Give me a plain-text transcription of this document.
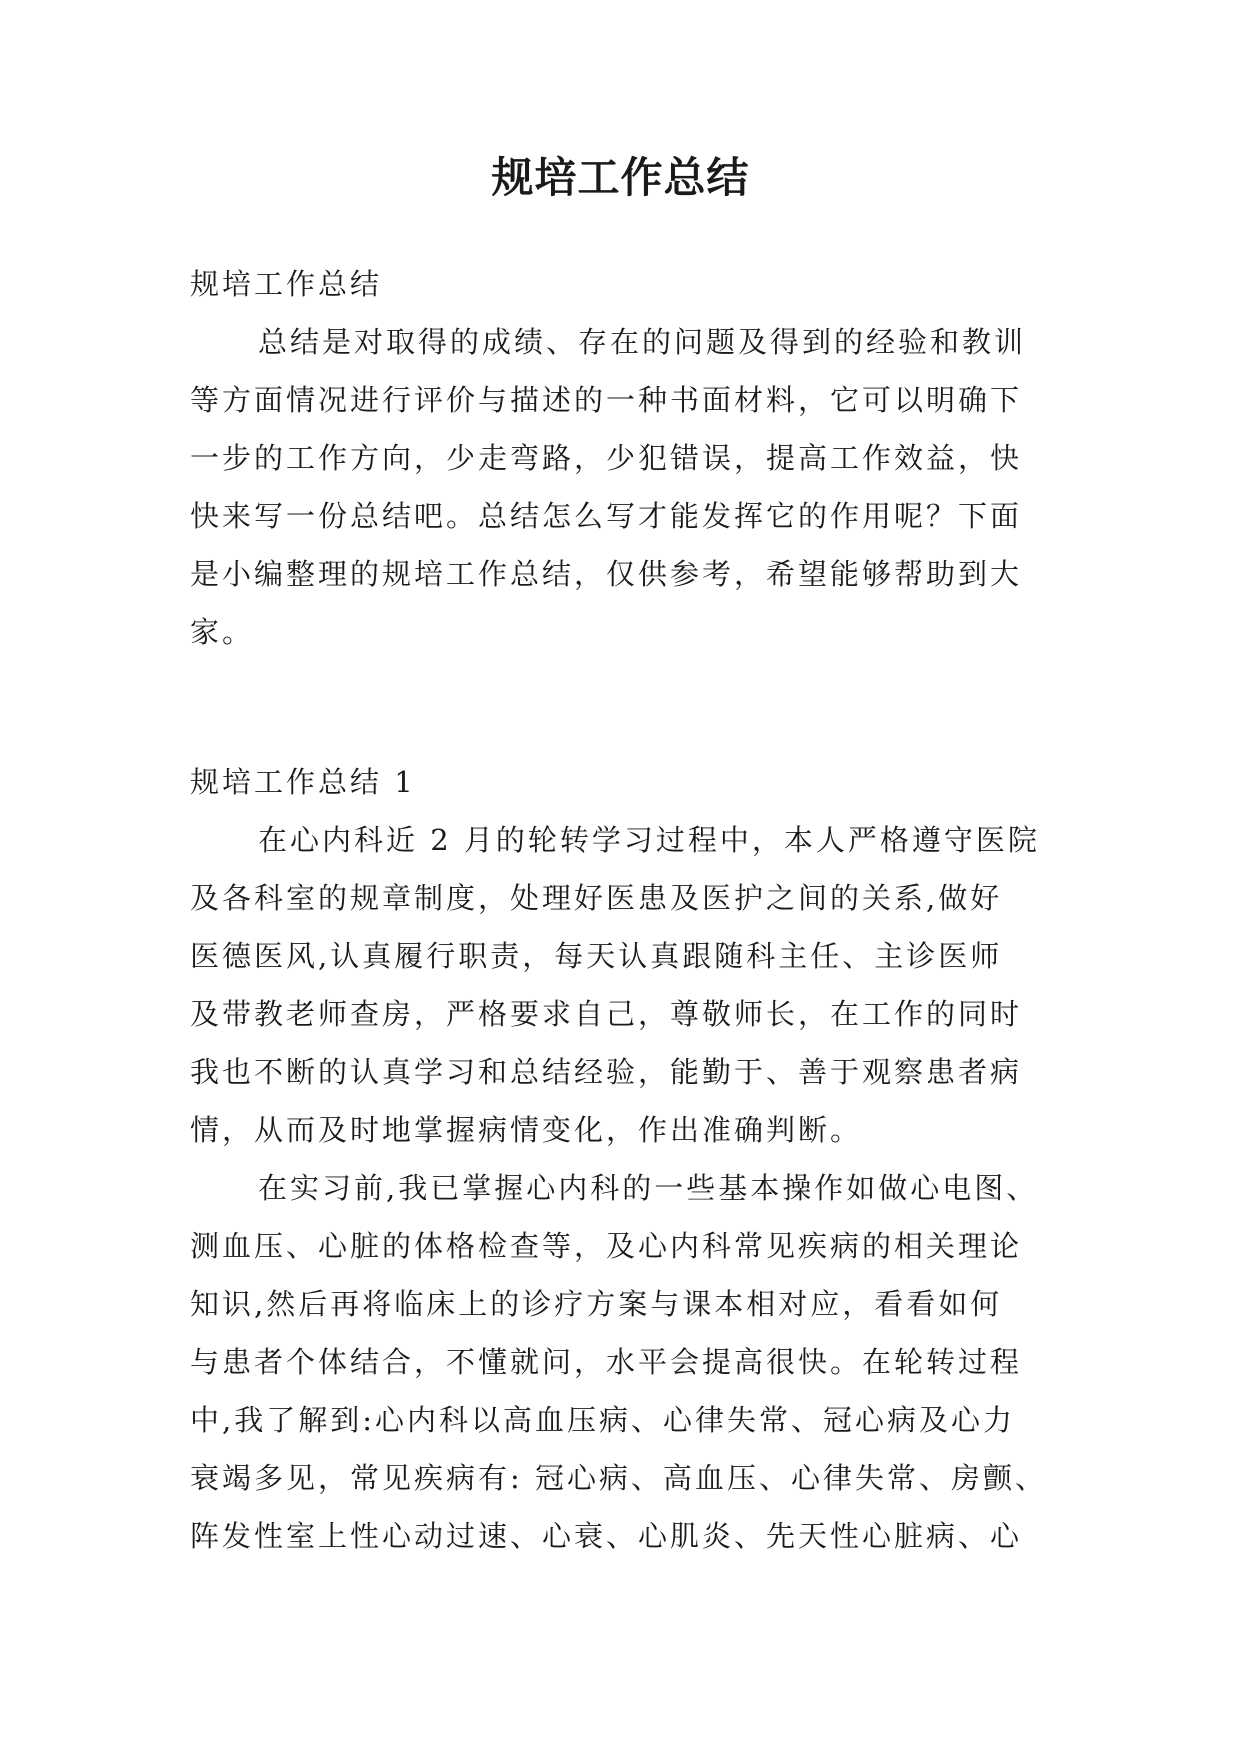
规培工作总结
规培工作总结
总结是对取得的成绩、存在的问题及得到的经验和教训
等方面情况进行评价与描述的一种书面材料，它可以明确下
一步的工作方向，少走弯路，少犯错误，提高工作效益，快
快来写一份总结吧。总结怎么写才能发挥它的作用呢？下面
是小编整理的规培工作总结，仅供参考，希望能够帮助到大
家。
规培工作总结 1
在心内科近 2 月的轮转学习过程中，本人严格遵守医院
及各科室的规章制度，处理好医患及医护之间的关系,做好
医德医风,认真履行职责，每天认真跟随科主任、主诊医师
及带教老师查房，严格要求自己，尊敬师长，在工作的同时
我也不断的认真学习和总结经验，能勤于、善于观察患者病
情，从而及时地掌握病情变化，作出准确判断。
在实习前,我已掌握心内科的一些基本操作如做心电图、
测血压、心脏的体格检查等，及心内科常见疾病的相关理论
知识,然后再将临床上的诊疗方案与课本相对应，看看如何
与患者个体结合，不懂就问，水平会提高很快。在轮转过程
中,我了解到:心内科以高血压病、心律失常、冠心病及心力
衰竭多见，常见疾病有: 冠心病、高血压、心律失常、房颤、
阵发性室上性心动过速、心衰、心肌炎、先天性心脏病、心
